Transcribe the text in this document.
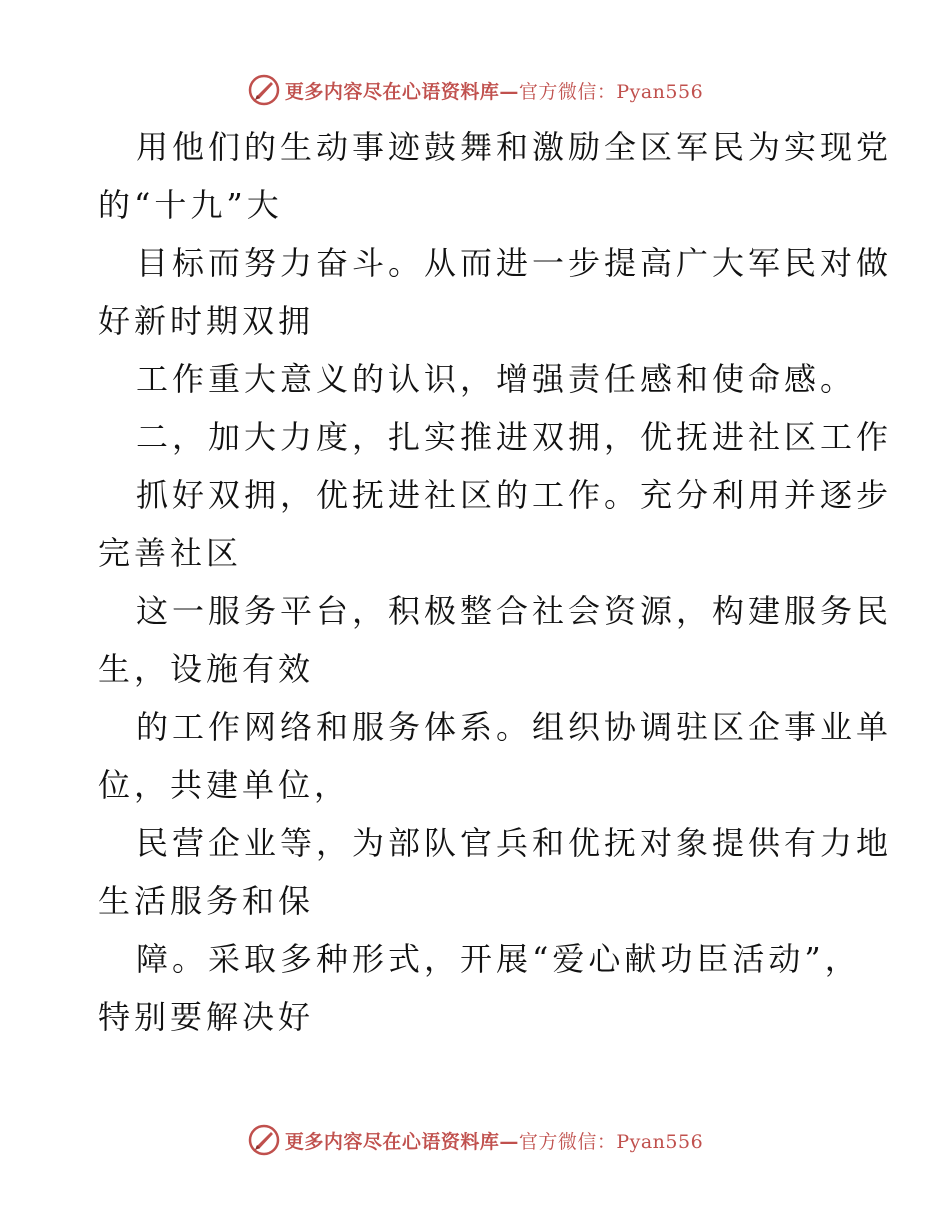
更多内容尽在心语资料库—官方微信：Pyan556
用他们的生动事迹鼓舞和激励全区军民为实现党
的“十九”大
目标而努力奋斗。从而进一步提高广大军民对做
好新时期双拥
工作重大意义的认识，增强责任感和使命感。
二，加大力度，扎实推进双拥，优抚进社区工作
抓好双拥，优抚进社区的工作。充分利用并逐步
完善社区
这一服务平台，积极整合社会资源，构建服务民
生，设施有效
的工作网络和服务体系。组织协调驻区企事业单
位，共建单位，
民营企业等，为部队官兵和优抚对象提供有力地
生活服务和保
障。采取多种形式，开展“爱心献功臣活动”，
特别要解决好
更多内容尽在心语资料库—官方微信：Pyan556
